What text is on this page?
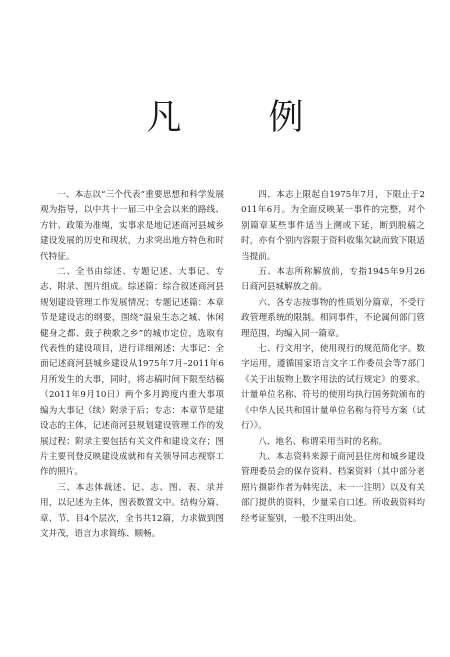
凡　例

一、本志以“三个代表”重要思想和科学发展观为指导，以中共十一届三中全会以来的路线、方针、政策为准绳，实事求是地记述商河县城乡建设发展的历史和现状，力求突出地方特色和时代特征。

二、全书由综述、专题记述、大事记、专志、附录、图片组成。综述篇：综合叙述商河县规划建设管理工作发展情况；专题记述篇：本章节是建设志的纲要，围绕“温泉生态之城、休闲健身之都、鼓子秧歌之乡”的城市定位，选取有代表性的建设项目，进行详细阐述；大事记：全面记述商河县城乡建设从1975年7月–2011年6月所发生的大事，同时，将志稿时间下限至结稿（2011年9月10日）两个多月跨度内重大事项编为大事记（续）附录于后；专志：本章节是建设志的主体，记述商河县规划建设管理工作的发展过程；附录主要包括有关文件和建设文存；图片主要刊登反映建设成就和有关领导同志视察工作的照片。

三、本志体裁述、记、志、图、表、录并用，以记述为主体，图表数置文中。结构分篇、章、节、目4个层次，全书共12篇，力求做到图文并茂，语言力求简练、顺畅。

四、本志上限起自1975年7月，下限止于2011年6月。为全面反映某一事件的完整，对个别篇章某些事件适当上溯或下延，断到脱稿之时，亦有个别内容限于资料收集欠缺而致下限适当提前。

五、本志所称解放前，专指1945年9月26日商河县城解放之前。

六、各专志按事物的性质划分篇章，不受行政管理系统的限制。相同事件，不论属何部门管理范围，均编入同一篇章。

七、行文用字，使用现行的规范简化字。数字运用，遵循国家语言文字工作委员会等7部门《关于出版物上数字用法的试行规定》的要求。计量单位名称、符号的使用均执行国务院颁布的《中华人民共和国计量单位名称与符号方案（试行）》。

八、地名、称谓采用当时的名称。

九、本志资料来源于商河县住房和城乡建设管理委员会的保存资料、档案资料（其中部分老照片摄影作者为韩宪法，未一一注明）以及有关部门提供的资料，少量采自口述。所收载资料均经考证鉴别，一般不注明出处。
